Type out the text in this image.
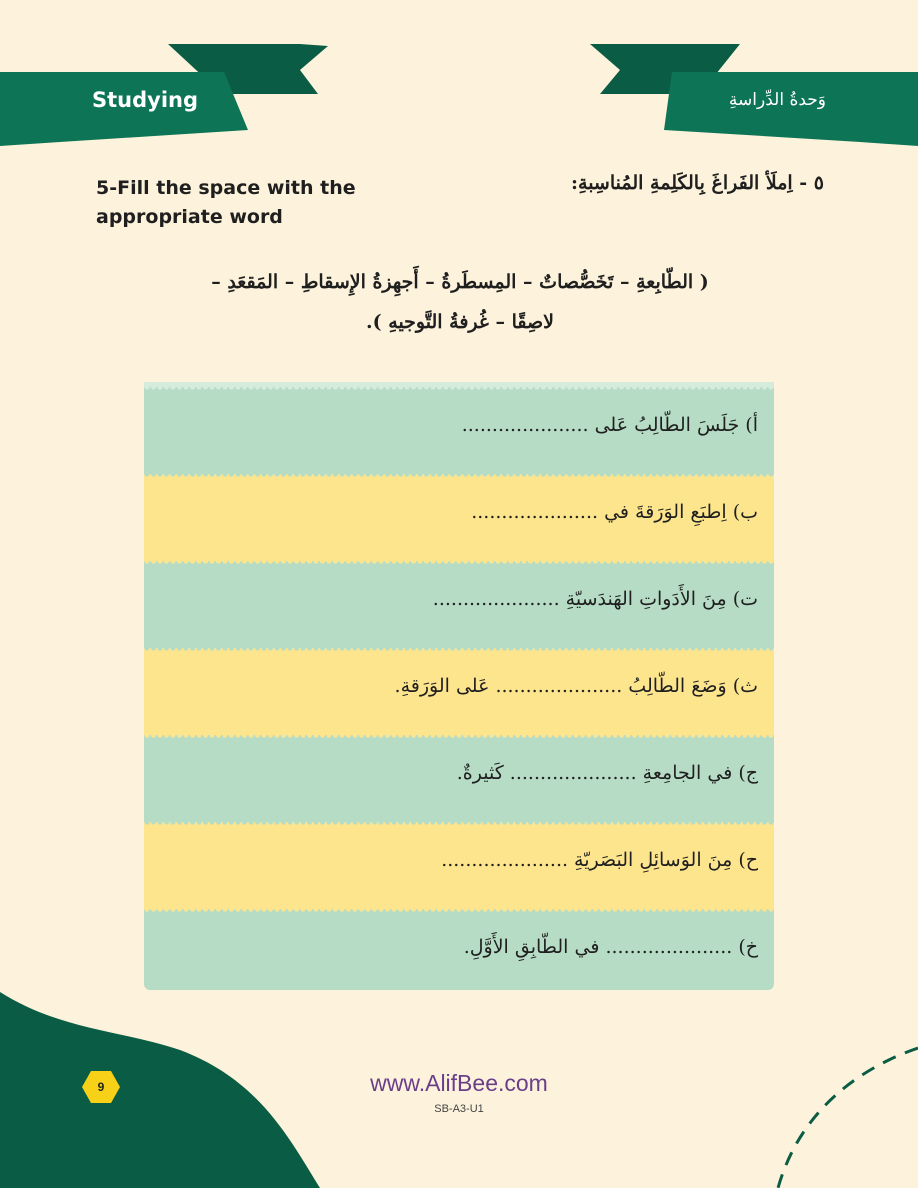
Studying	وَحدةُ الدِّراسةِ
5-Fill the space with the appropriate word
٥ - اِملَأ الفَراغَ بِالكَلِمةِ المُناسِبةِ:
( الطّابِعةِ – تَخَصُّصاتٌ – المِسطَرةُ – أَجهِزةُ الإِسقاطِ – المَقعَدِ –
لاصِقًا – غُرفةُ التَّوجيهِ ).
أ) جَلَسَ الطّالِبُ عَلى .....................
ب) اِطبَعِ الوَرَقةَ في .....................
ت) مِنَ الأَدَواتِ الهَندَسيّةِ .....................
ث) وَضَعَ الطّالِبُ ..................... عَلى الوَرَقةِ.
ج) في الجامِعةِ ..................... كَثيرةٌ.
ح) مِنَ الوَسائِلِ البَصَريّةِ .....................
خ) ..................... في الطّابِقِ الأَوَّلِ.
9	www.AlifBee.com
SB-A3-U1
